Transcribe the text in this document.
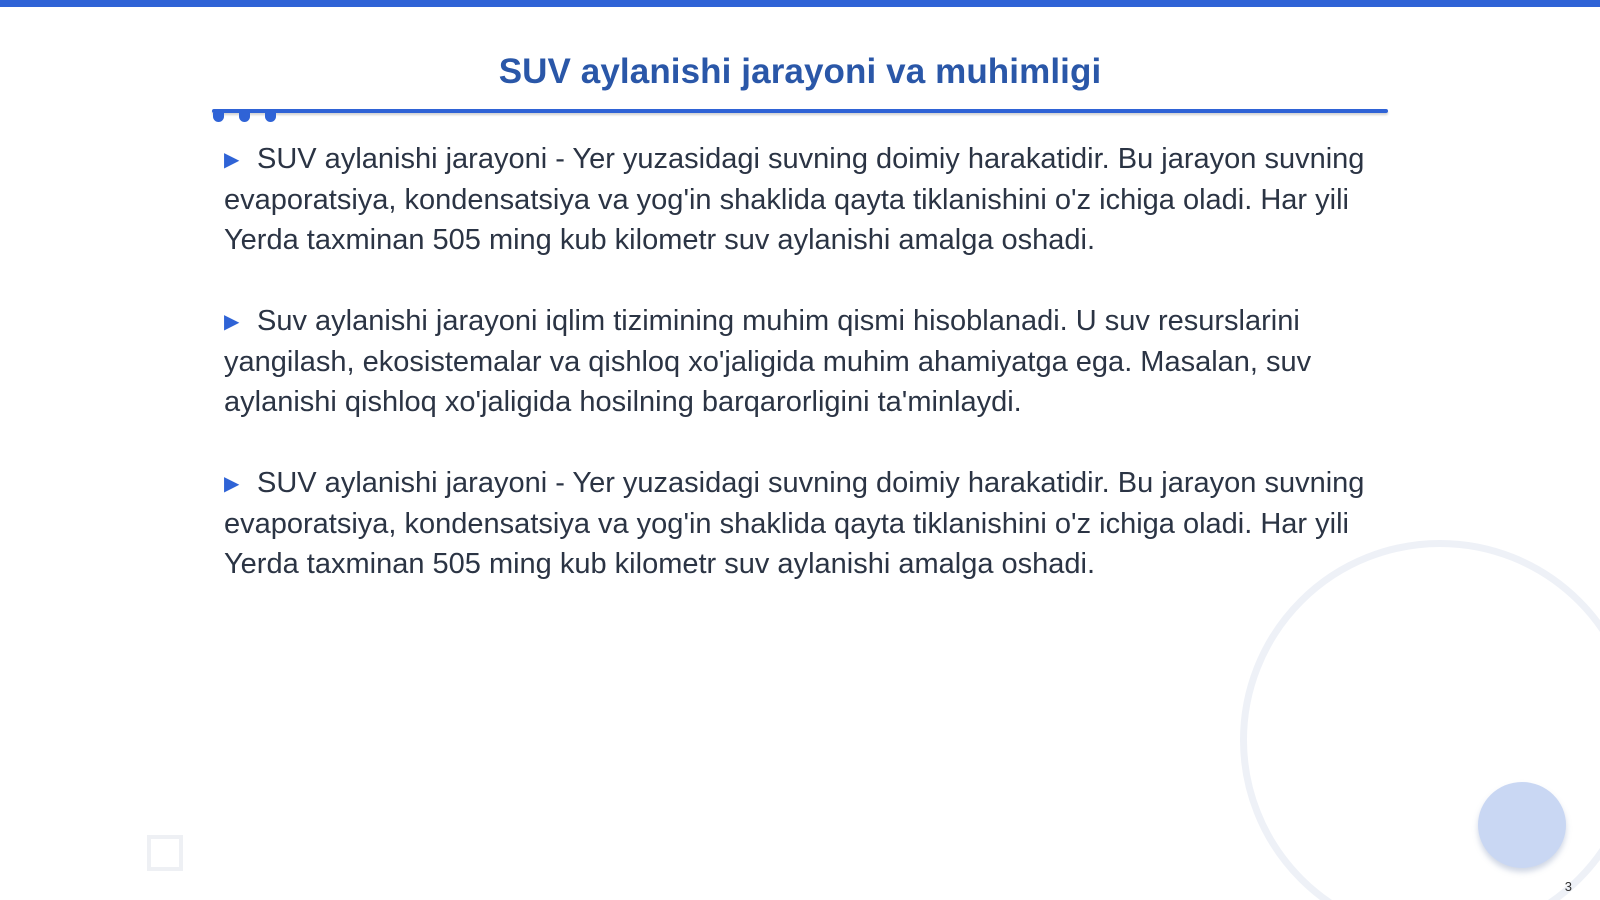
SUV aylanishi jarayoni va muhimligi

▶ SUV aylanishi jarayoni - Yer yuzasidagi suvning doimiy harakatidir. Bu jarayon suvning evaporatsiya, kondensatsiya va yog'in shaklida qayta tiklanishini o'z ichiga oladi. Har yili Yerda taxminan 505 ming kub kilometr suv aylanishi amalga oshadi.

▶ Suv aylanishi jarayoni iqlim tizimining muhim qismi hisoblanadi. U suv resurslarini yangilash, ekosistemalar va qishloq xo'jaligida muhim ahamiyatga ega. Masalan, suv aylanishi qishloq xo'jaligida hosilning barqarorligini ta'minlaydi.

▶ SUV aylanishi jarayoni - Yer yuzasidagi suvning doimiy harakatidir. Bu jarayon suvning evaporatsiya, kondensatsiya va yog'in shaklida qayta tiklanishini o'z ichiga oladi. Har yili Yerda taxminan 505 ming kub kilometr suv aylanishi amalga oshadi.

3
